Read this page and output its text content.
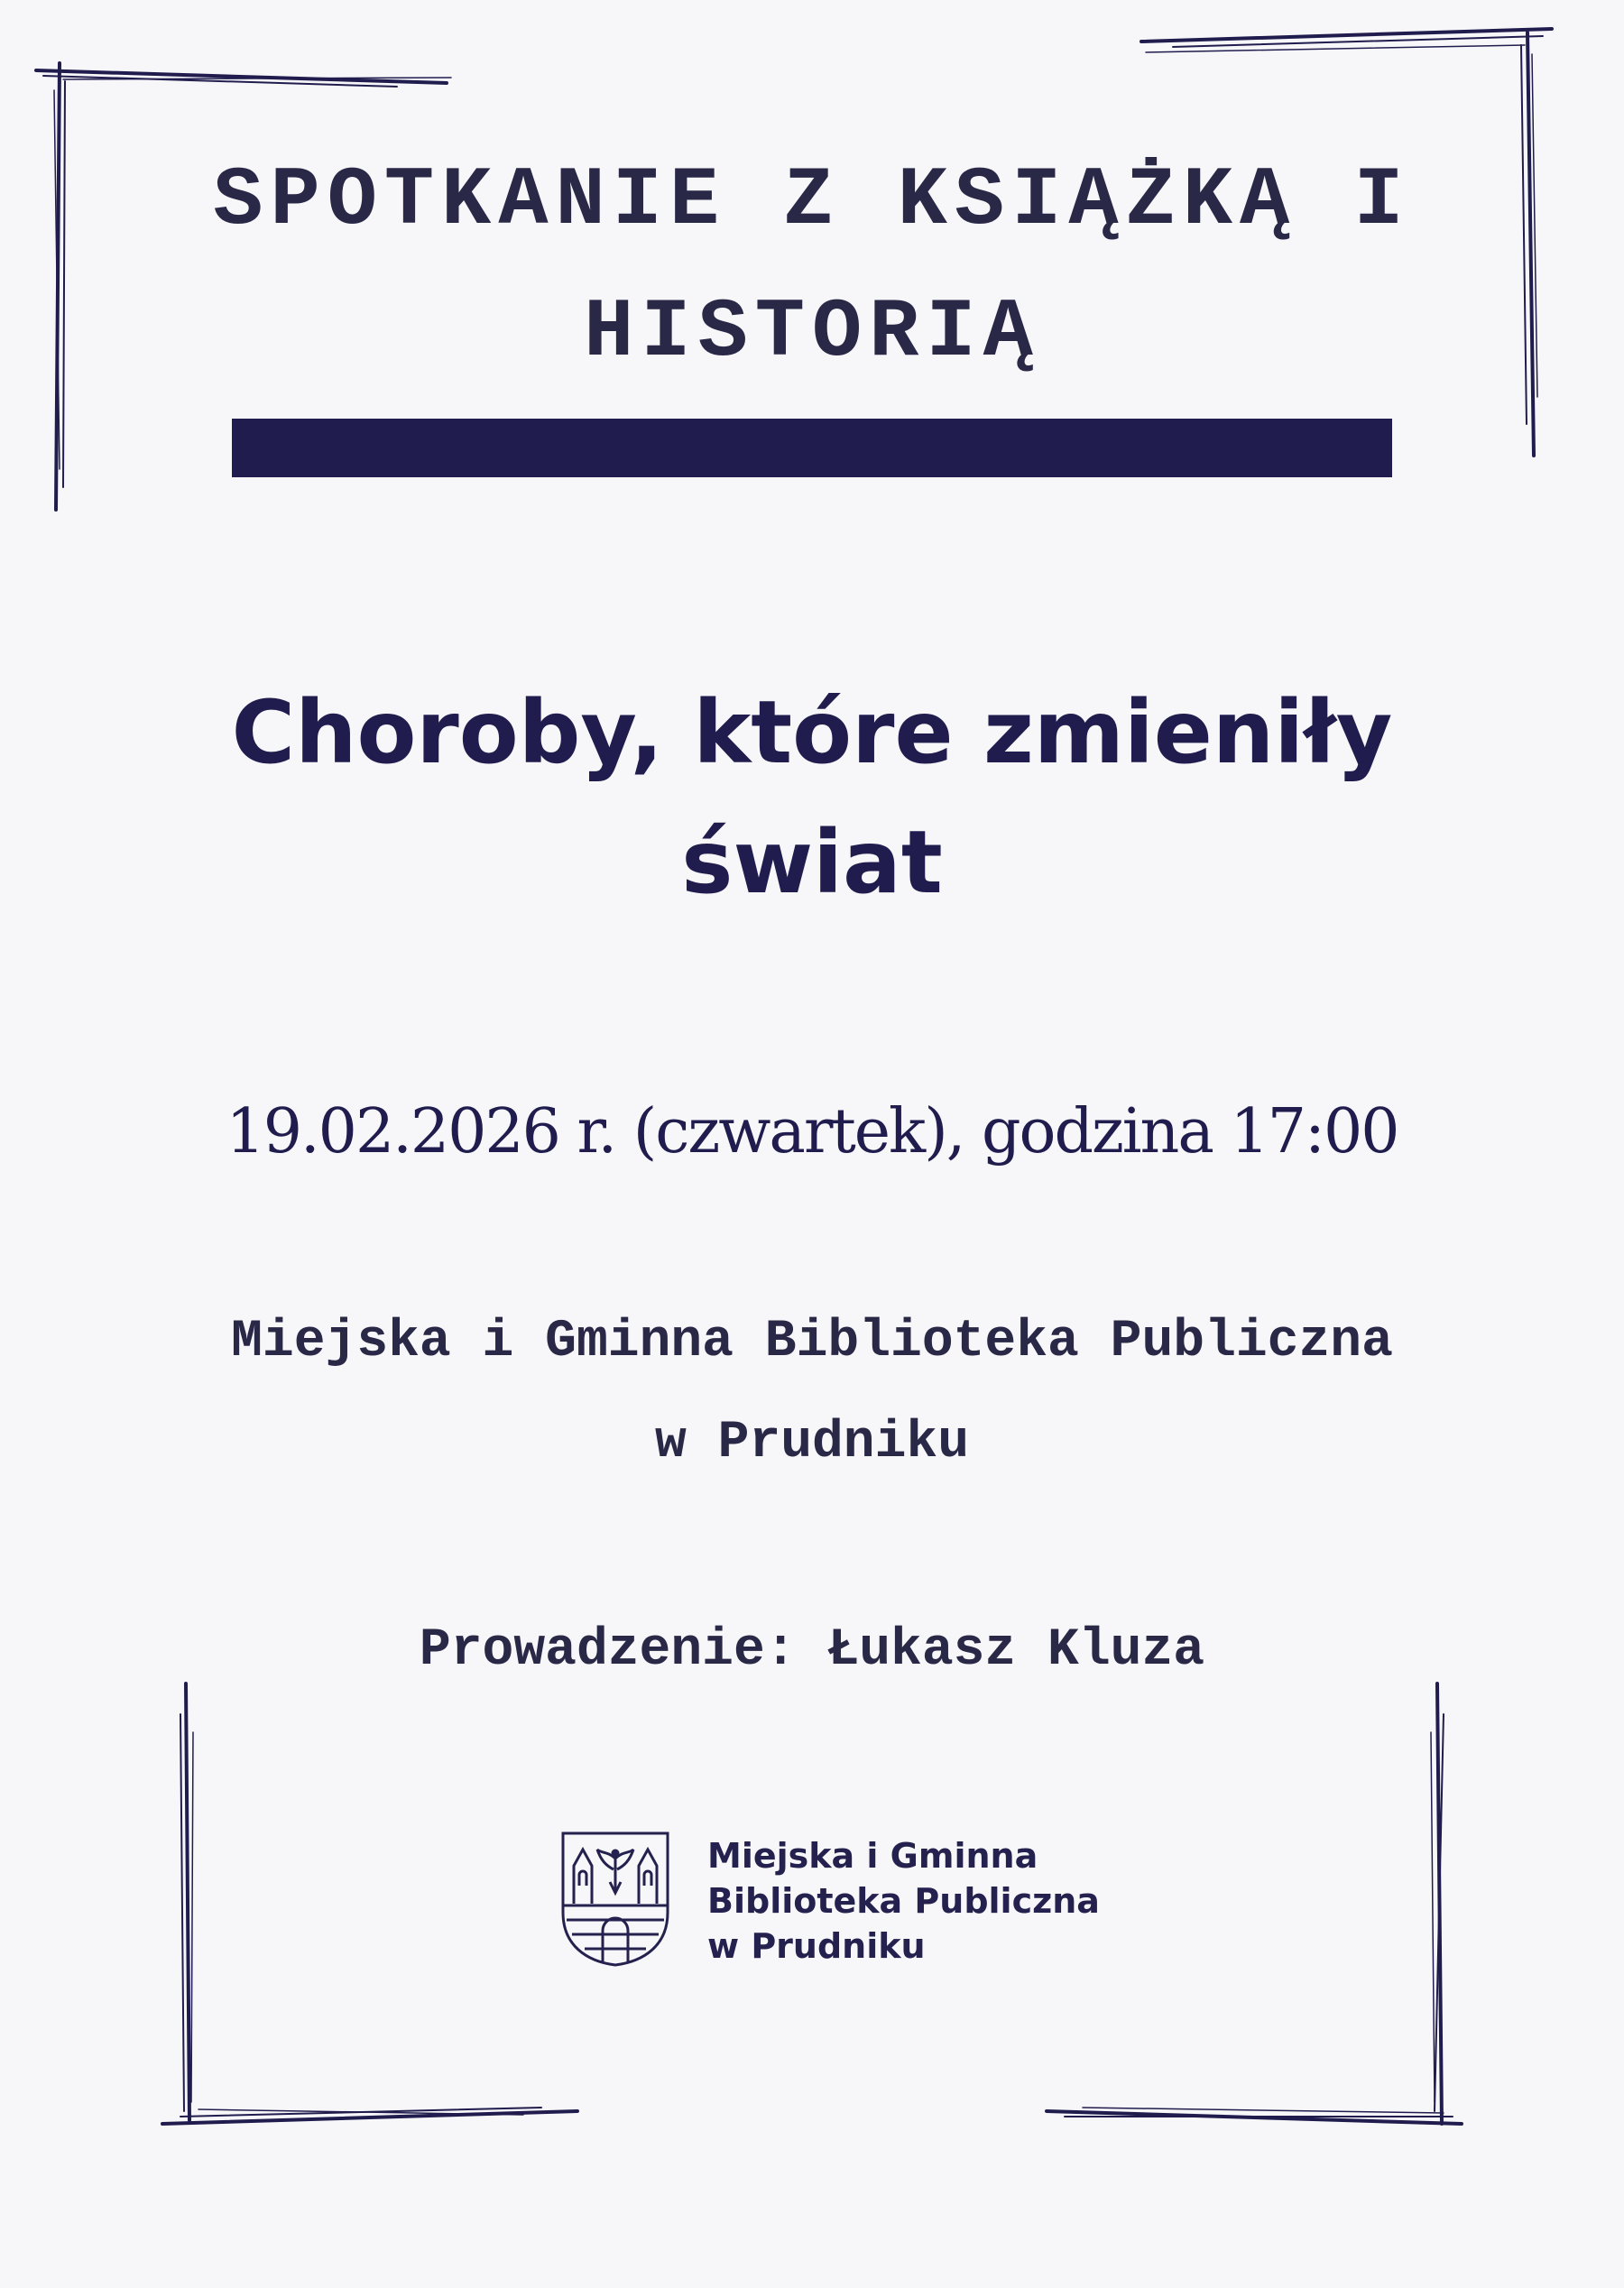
SPOTKANIE Z KSIĄŻKĄ I
HISTORIĄ
Choroby, które zmieniły
świat
19.02.2026 r. (czwartek), godzina 17:00
Miejska i Gminna Biblioteka Publiczna
w Prudniku
Prowadzenie: Łukasz Kluza
Miejska i Gminna
Biblioteka Publiczna
w Prudniku
